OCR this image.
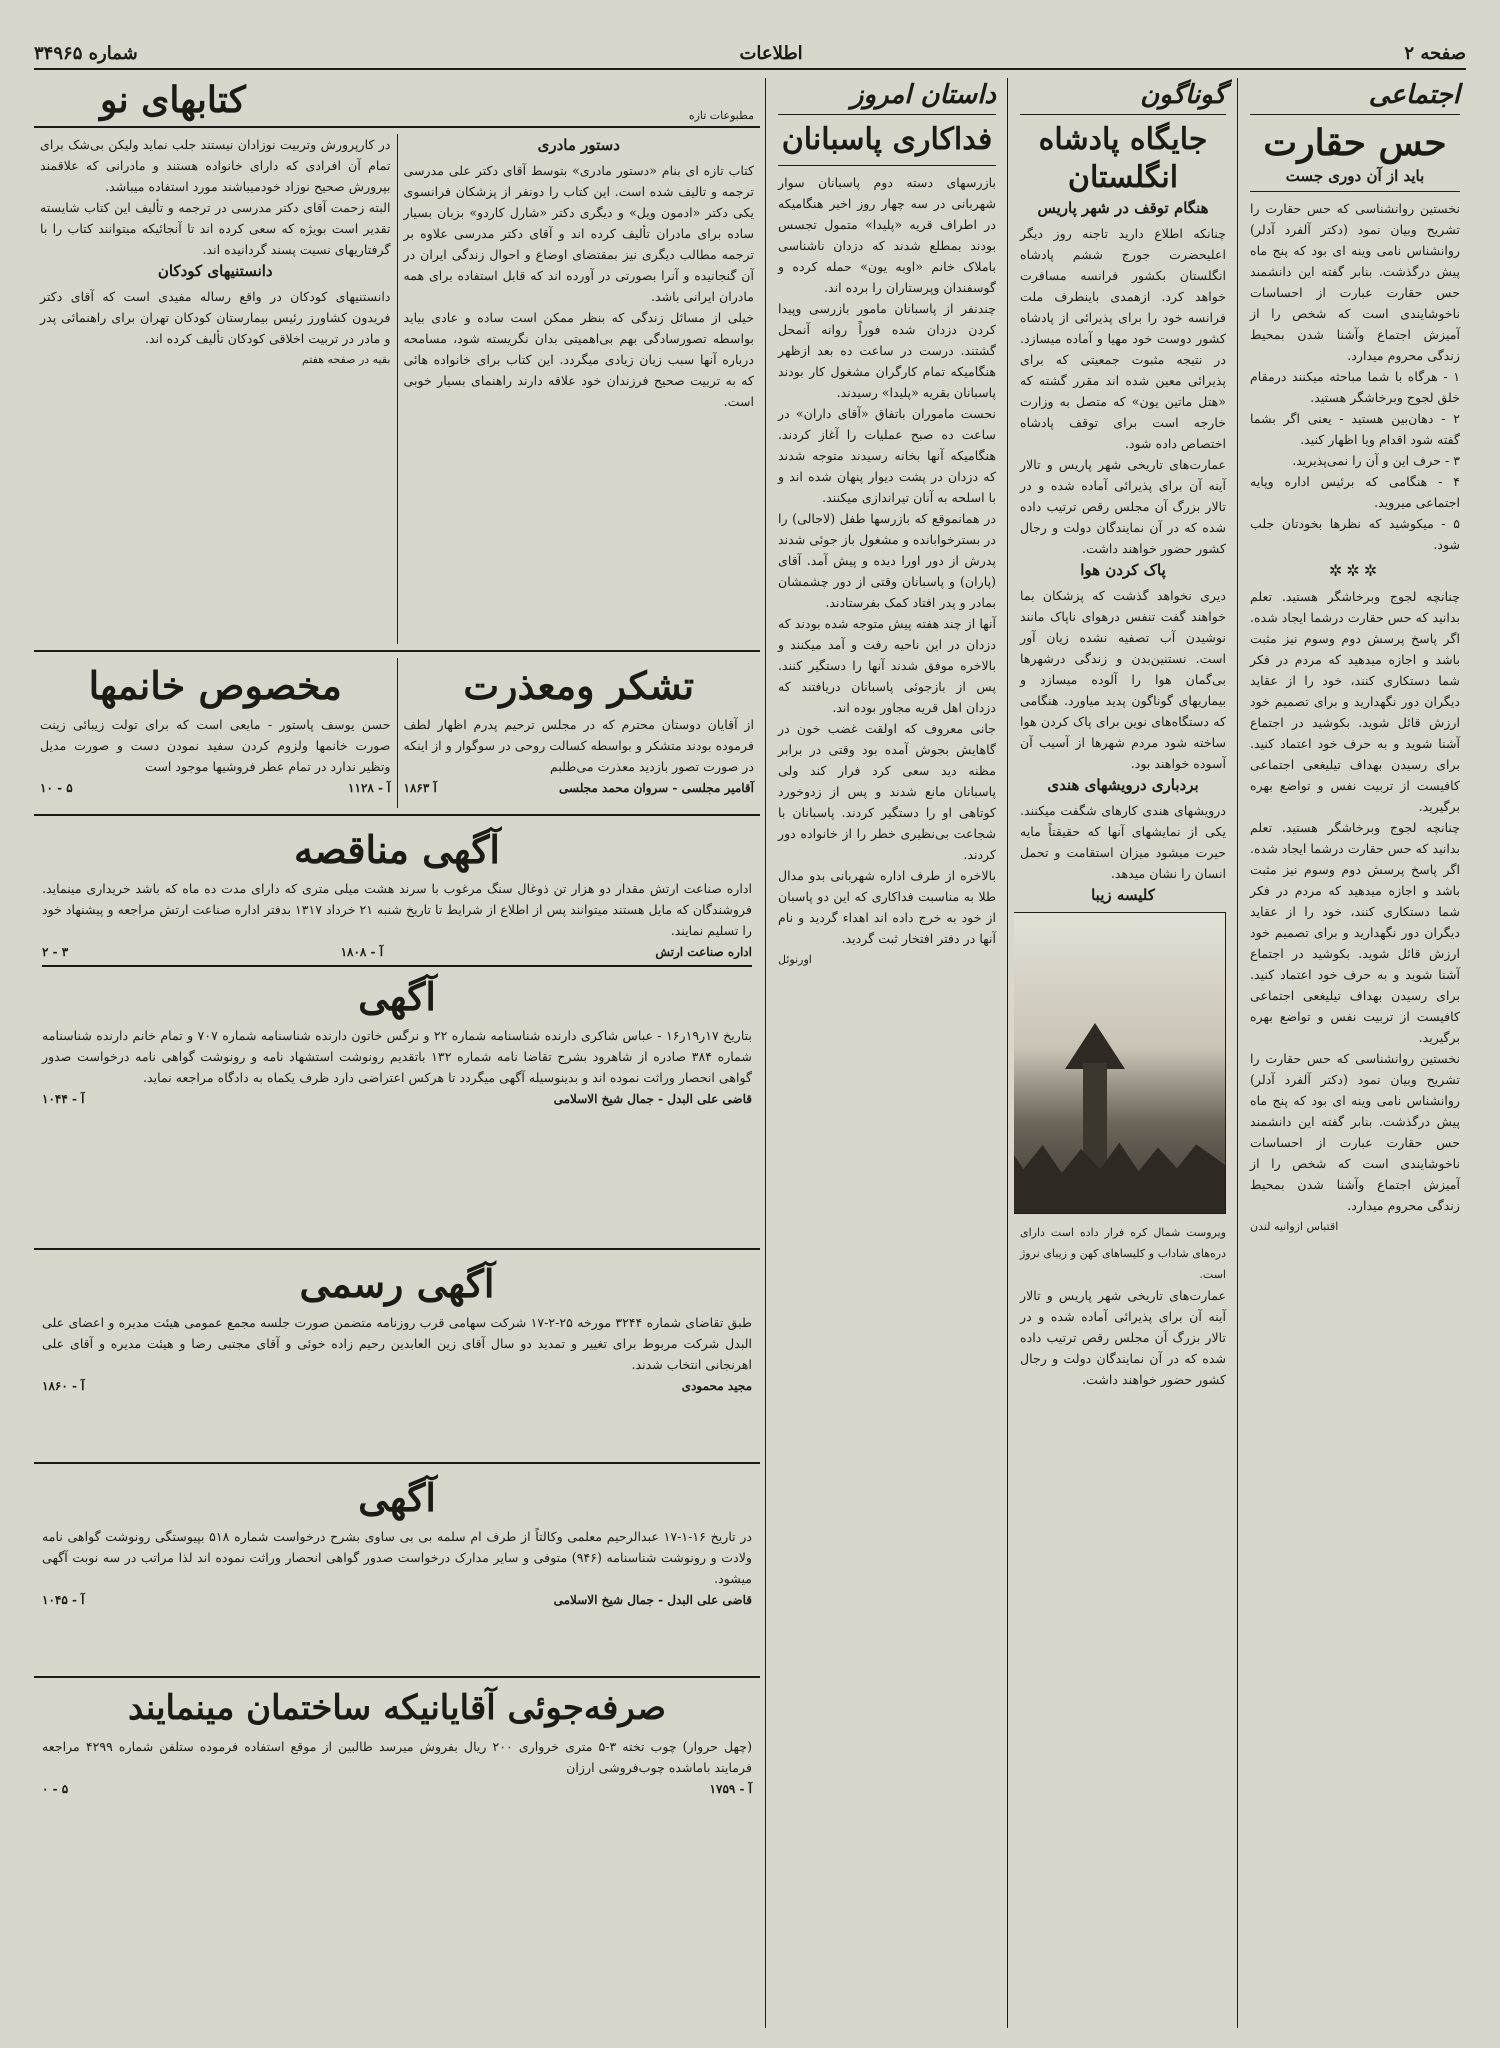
صفحه ۲
اطلاعات
شماره ۳۴۹۶۵
اجتماعی
حس حقارت
باید از آن دوری جست

نخستین روانشناسی که حس حقارت را تشریح وبیان نمود (دکتر آلفرد آدلر) روانشناس نامی وینه ای بود که پنج ماه پیش درگذشت. بنابر گفته این دانشمند حس حقارت عبارت از احساسات ناخوشایندی است که شخص را از آمیزش اجتماع وآشنا شدن بمحیط زندگی محروم میدارد.

۱ - هرگاه با شما مباحثه میکنند درمقام خلق لجوج وبرخاشگر هستید.

۲ - دهان‌بین هستید - یعنی اگر بشما گفته شود اقدام ویا اظهار کنید.

۳ - حرف این و آن را نمی‌پذیرید.

۴ - هنگامی که برئیس اداره وپایه اجتماعی میروید.

۵ - میکوشید که نظرها بخودتان جلب شود.

✲✲✲

چنانچه لجوج وبرخاشگر هستید. تعلم بدانید که حس حقارت درشما ایجاد شده. اگر پاسخ پرسش دوم وسوم نیز مثبت باشد و اجازه میدهید که مردم در فکر شما دستکاری کنند، خود را از عقاید دیگران دور نگهدارید و برای تصمیم خود ارزش قائل شوید. بکوشید در اجتماع آشنا شوید و به حرف خود اعتماد کنید. برای رسیدن بهداف تیلیغعی اجتماعی کافیست از تربیت نفس و تواضع بهره برگیرید.

چنانچه لجوج وبرخاشگر هستید. تعلم بدانید که حس حقارت درشما ایجاد شده. اگر پاسخ پرسش دوم وسوم نیز مثبت باشد و اجازه میدهید که مردم در فکر شما دستکاری کنند، خود را از عقاید دیگران دور نگهدارید و برای تصمیم خود ارزش قائل شوید. بکوشید در اجتماع آشنا شوید و به حرف خود اعتماد کنید. برای رسیدن بهداف تیلیغعی اجتماعی کافیست از تربیت نفس و تواضع بهره برگیرید.

نخستین روانشناسی که حس حقارت را تشریح وبیان نمود (دکتر آلفرد آدلر) روانشناس نامی وینه ای بود که پنج ماه پیش درگذشت. بنابر گفته این دانشمند حس حقارت عبارت از احساسات ناخوشایندی است که شخص را از آمیزش اجتماع وآشنا شدن بمحیط زندگی محروم میدارد.

اقتباس ازوانیه لندن

گوناگون
جایگاه پادشاه انگلستان
هنگام توقف در شهر پاریس

چنانکه اطلاع دارید تاجنه روز دیگر اعلیحضرت جورج ششم پادشاه انگلستان بکشور فرانسه مسافرت خواهد کرد. ازهمدی باینطرف ملت فرانسه خود را برای پذیرائی از پادشاه کشور دوست خود مهیا و آماده میسازد. در نتیجه مثبوت جمعیتی که برای پذیرائی معین شده اند مقرر گشته که «هتل ماتین یون» که متصل به وزارت خارجه است برای توقف پادشاه اختصاص داده شود.

عمارت‌های تاریخی شهر پاریس و تالار آینه آن برای پذیرائی آماده شده و در تالار بزرگ آن مجلس رقص ترتیب داده شده که در آن نمایندگان دولت و رجال کشور حضور خواهند داشت.

پاک کردن هوا

دیری نخواهد گذشت که پزشکان بما خواهند گفت تنفس درهوای ناپاک مانند نوشیدن آب تصفیه نشده زیان آور است. نستنین‌بدن و زندگی درشهرها بی‌گمان هوا را آلوده میسازد و بیماریهای گوناگون پدید میاورد. هنگامی که دستگاه‌های نوین برای پاک کردن هوا ساخته شود مردم شهرها از آسیب آن آسوده خواهند بود.

بردباری درویشهای هندی

درویشهای هندی کارهای شگفت میکنند. یکی از نمایشهای آنها که حقیقتاً مایه حیرت میشود میزان استقامت و تحمل انسان را نشان میدهد.

کلیسه زیبا

ویروست شمال کره فرار داده است دارای دره‌های شاداب و کلیساهای کهن و زیبای نروژ است.

عمارت‌های تاریخی شهر پاریس و تالار آینه آن برای پذیرائی آماده شده و در تالار بزرگ آن مجلس رقص ترتیب داده شده که در آن نمایندگان دولت و رجال کشور حضور خواهند داشت.

داستان امروز
فداکاری پاسبانان

بازرسهای دسته دوم پاسبانان سوار شهربانی در سه چهار روز اخیر هنگامیکه در اطراف قریه «پلیدا» متمول تجسس بودند بمطلع شدند که دزدان ناشناسی باملاک خانم «اوبه یون» حمله کرده و گوسفندان وپرستاران را برده اند.

چندنفر از پاسبانان مامور بازرسی وپیدا کردن دزدان شده فوراً روانه آنمحل گشتند. درست در ساعت ده بعد ازظهر هنگامیکه تمام کارگران مشغول کار بودند پاسبانان بقریه «پلیدا» رسیدند.

نحست ماموران باتفاق «آقای داران» در ساعت ده صبح عملیات را آغاز کردند. هنگامیکه آنها بخانه رسیدند متوجه شدند که دزدان در پشت دیوار پنهان شده اند و با اسلحه به آنان تیراندازی میکنند.

در همانموقع که بازرسها طفل (لاجالی) را در بسترخوابانده و مشغول باز جوئی شدند پدرش از دور اورا دیده و پیش آمد. آقای (پاران) و پاسبانان وقتی از دور چشمشان بمادر و پدر افتاد کمک بفرستادند.

آنها از چند هفته پیش متوجه شده بودند که دزدان در این ناحیه رفت و آمد میکنند و بالاخره موفق شدند آنها را دستگیر کنند. پس از بازجوئی پاسبانان دریافتند که دزدان اهل قریه مجاور بوده اند.

جانی معروف که اولقت غضب خون در گاهایش بجوش آمده بود وقتی در برابر مظنه دید سعی کرد فرار کند ولی پاسبانان مانع شدند و پس از زدوخورد کوتاهی او را دستگیر کردند. پاسبانان با شجاعت بی‌نظیری خطر را از خانواده دور کردند.

بالاخره از طرف اداره شهربانی بدو مدال طلا به مناسبت فداکاری که این دو پاسبان از خود به خرج داده اند اهداء گردید و نام آنها در دفتر افتخار ثبت گردید.

اورنوئل

مطبوعات تازه
کتابهای نو
دستور مادری

کتاب تازه ای بنام «دستور مادری» بتوسط آقای دکتر علی مدرسی ترجمه و تالیف شده است. این کتاب را دونفر از پزشکان فرانسوی یکی دکتر «ادمون ویل» و دیگری دکتر «شارل کاردو» بزبان بسیار ساده برای مادران تألیف کرده اند و آقای دکتر مدرسی علاوه بر ترجمه مطالب دیگری نیز بمقتضای اوضاع و احوال زندگی ایران در آن گنجانیده و آنرا بصورتی در آورده اند که قابل استفاده برای همه مادران ایرانی باشد.

خیلی از مسائل زندگی که بنظر ممکن است ساده و عادی بیاید بواسطه تصورسادگی بهم بی‌اهمیتی بدان نگریسته شود، مسامحه درباره آنها سبب زیان زیادی میگردد. این کتاب برای خانواده هائی که به تربیت صحیح فرزندان خود علاقه دارند راهنمای بسیار خوبی است.

در کارپرورش وتربیت نوزادان نیستند جلب نماید ولیکن بی‌شک برای تمام آن افرادی که دارای خانواده هستند و مادرانی که علاقمند بپرورش صحیح نوزاد خودمیباشند مورد استفاده میباشد.

البته زحمت آقای دکتر مدرسی در ترجمه و تألیف این کتاب شایسته تقدیر است بویژه که سعی کرده اند تا آنجائیکه میتوانند کتاب را با گرفتاریهای نسیت پسند گردانیده اند.

دانستنیهای کودکان

دانستنیهای کودکان در واقع رساله مفیدی است که آقای دکتر فریدون کشاورز رئیس بیمارستان کودکان تهران برای راهنمائی پدر و مادر در تربیت اخلاقی کودکان تألیف کرده اند.

بقیه در صفحه هفتم

تشکر ومعذرت

از آقایان دوستان محترم که در مجلس ترحیم پدرم اظهار لطف فرموده بودند متشکر و بواسطه کسالت روحی در سوگوار و از اینکه در صورت تصور بازدید معذرت می‌طلبم

آقامیر مجلسی - سروان محمد مجلسی
آ ۱۸۶۳
مخصوص خانمها

حسن یوسف پاستور - مایعی است که برای تولت زیبائی زینت صورت خانمها ولزوم کردن سفید نمودن دست و صورت مدیل وتظیر ندارد در تمام عطر فروشیها موجود است

آ - ۱۱۲۸
۵ - ۱۰
آگهی مناقصه

اداره صناعت ارتش مقدار دو هزار تن ذوغال سنگ مرغوب با سرند هشت میلی متری که دارای مدت ده ماه که باشد خریداری مینماید. فروشندگان که مایل هستند میتوانند پس از اطلاع از شرایط تا تاریخ شنبه ۲۱ خرداد ۱۳۱۷ بدفتر اداره صناعت ارتش مراجعه و پیشنهاد خود را تسلیم نمایند.

اداره صناعت ارتش
آ - ۱۸۰۸
۳ - ۲
آگهی

بتاریخ ۱۷ر۱۹ر۱۶ - عباس شاکری دارنده شناسنامه شماره ۲۲ و نرگس خاتون دارنده شناسنامه شماره ۷۰۷ و تمام خانم دارنده شناسنامه شماره ۳۸۴ صادره از شاهرود بشرح تقاضا نامه شماره ۱۳۲ باتقدیم رونوشت استشهاد نامه و رونوشت گواهی نامه درخواست صدور گواهی انحصار وراثت نموده اند و بدینوسیله آگهی میگردد تا هرکس اعتراضی دارد ظرف یکماه به دادگاه مراجعه نماید.

قاضی علی البدل - جمال شیخ الاسلامی
آ - ۱۰۴۴
آگهی رسمی

طبق تقاضای شماره ۳۲۴۴ مورخه ۲۵-۲-۱۷ شرکت سهامی قرب روزنامه متضمن صورت جلسه مجمع عمومی هیئت مدیره و اعضای علی البدل شرکت مربوط برای تغییر و تمدید دو سال آقای زین العابدین رحیم زاده خوئی و آقای مجتبی رضا و هیئت مدیره و آقای علی اهرنجانی انتخاب شدند.

مجید محمودی
آ - ۱۸۶۰
آگهی

در تاریخ ۱۶-۱-۱۷ عبدالرحیم معلمی وکالتاً از طرف ام سلمه بی بی ساوی بشرح درخواست شماره ۵۱۸ بپیوستگی رونوشت گواهی نامه ولادت و رونوشت شناسنامه (۹۴۶) متوفی و سایر مدارک درخواست صدور گواهی انحصار وراثت نموده اند لذا مراتب در سه نوبت آگهی میشود.

قاضی علی البدل - جمال شیخ الاسلامی
آ - ۱۰۴۵
صرفه‌جوئی آقایانیکه ساختمان مینمایند

(چهل حروار) چوب تخته ۳-۵ متری خرواری ۲۰۰ ریال بفروش میرسد طالبین از موقع استفاده فرموده ستلفن شماره ۴۲۹۹ مراجعه فرمایند باماشده چوب‌فروشی ارزان

آ - ۱۷۵۹
۵ - ۰
